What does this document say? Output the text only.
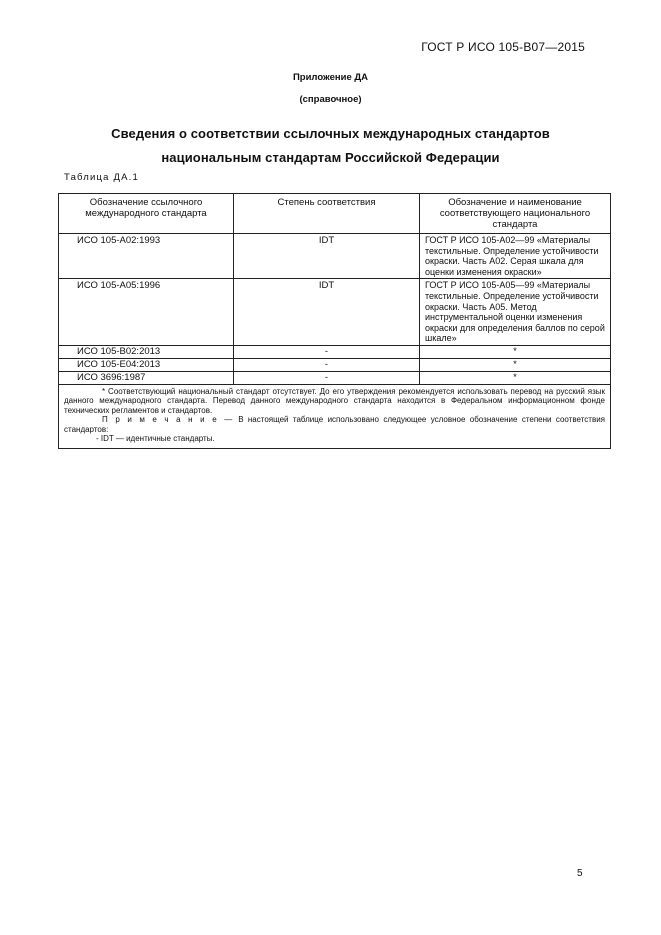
ГОСТ Р ИСО 105-В07—2015
Приложение ДА
(справочное)
Сведения о соответствии ссылочных международных стандартов
национальным стандартам Российской Федерации
Таблица ДА.1
Обозначение ссылочного международного стандарта	Степень соответствия	Обозначение и наименование соответствующего национального стандарта
ИСО 105-А02:1993	IDT	ГОСТ Р ИСО 105-А02—99 «Материалы текстильные. Определение устойчивости окраски. Часть А02. Серая шкала для оценки изменения окраски»
ИСО 105-А05:1996	IDT	ГОСТ Р ИСО 105-А05—99 «Материалы текстильные. Определение устойчивости окраски. Часть А05. Метод инструментальной оценки изменения окраски для определения баллов по серой шкале»
ИСО 105-В02:2013	-	*
ИСО 105-Е04:2013	-	*
ИСО 3696:1987	-	*

* Соответствующий национальный стандарт отсутствует. До его утверждения рекомендуется использовать перевод на русский язык данного международного стандарта. Перевод данного международного стандарта находится в Федеральном информационном фонде технических регламентов и стандартов.

П р и м е ч а н и е — В настоящей таблице использовано следующее условное обозначение степени соответствия стандартов:

- IDT — идентичные стандарты.		

5
